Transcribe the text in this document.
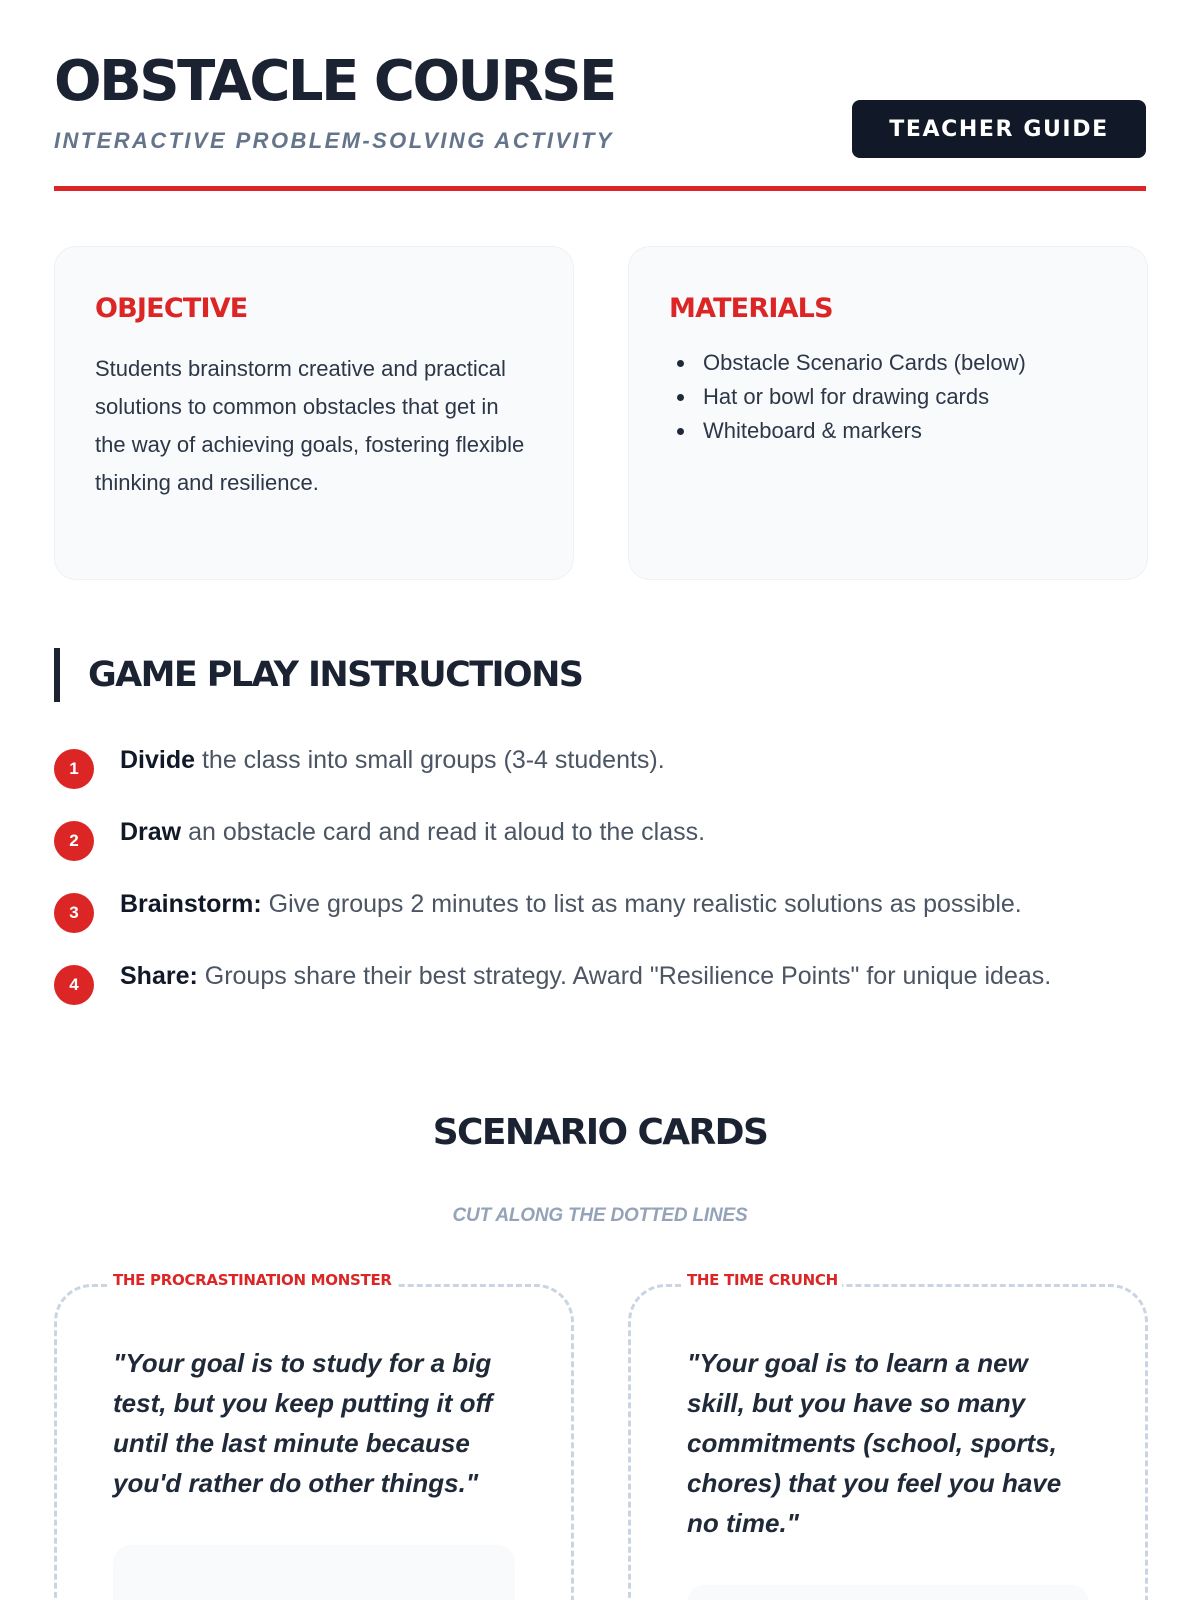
OBSTACLE COURSE
INTERACTIVE PROBLEM-SOLVING ACTIVITY	TEACHER GUIDE
OBJECTIVE

Students brainstorm creative and practical solutions to common obstacles that get in the way of achieving goals, fostering flexible thinking and resilience.

MATERIALS
Obstacle Scenario Cards (below)
Hat or bowl for drawing cards
Whiteboard & markers
GAME PLAY INSTRUCTIONS
1	Divide the class into small groups (3-4 students).
2	Draw an obstacle card and read it aloud to the class.
3	Brainstorm: Give groups 2 minutes to list as many realistic solutions as possible.
4	Share: Groups share their best strategy. Award "Resilience Points" for unique ideas.
SCENARIO CARDS
CUT ALONG THE DOTTED LINES
THE PROCRASTINATION MONSTER

"Your goal is to study for a big test, but you keep putting it off until the last minute because you'd rather do other things."

THE TIME CRUNCH

"Your goal is to learn a new skill, but you have so many commitments (school, sports, chores) that you feel you have no time."
